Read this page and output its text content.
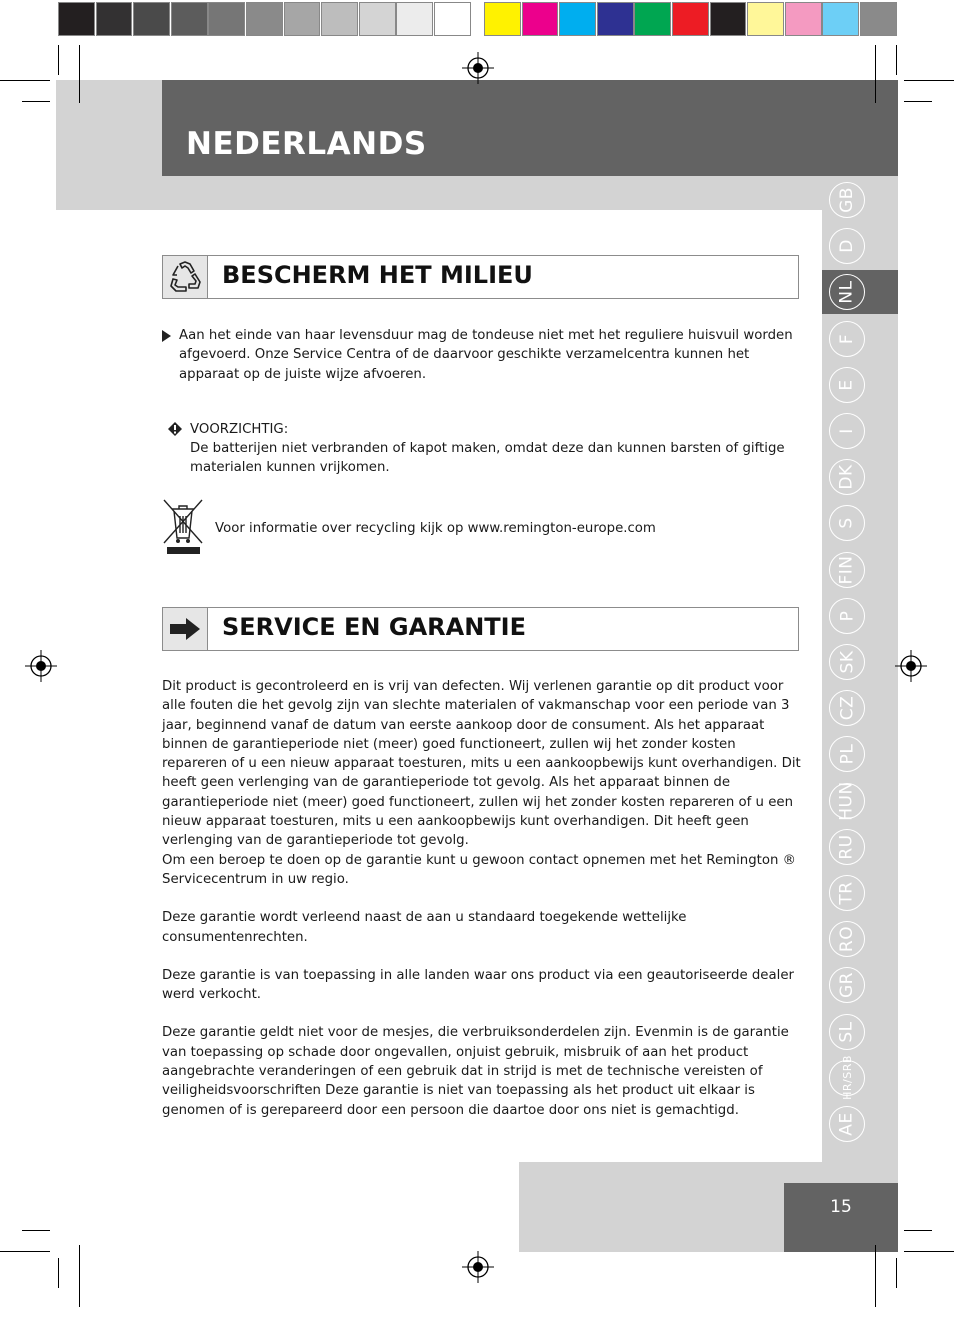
NEDERLANDS
GB
D
NL
F
E
I
DK
S
FIN
P
SK
CZ
PL
HUN
RU
TR
RO
GR
SL
HR/SRB
AE
BESCHERM HET MILIEU
Aan het einde van haar levensduur mag de tondeuse niet met het reguliere huisvuil worden afgevoerd. Onze Service Centra of de daarvoor geschikte verzamelcentra kunnen het apparaat op de juiste wijze afvoeren.
VOORZICHTIG:
De batterijen niet verbranden of kapot maken, omdat deze dan kunnen barsten of giftige materialen kunnen vrijkomen.
Voor informatie over recycling kijk op www.remington-europe.com
SERVICE EN GARANTIE

Dit product is gecontroleerd en is vrij van defecten. Wij verlenen garantie op dit product voor alle fouten die het gevolg zijn van slechte materialen of vakmanschap voor een periode van 3 jaar, beginnend vanaf de datum van eerste aankoop door de consument. Als het apparaat binnen de garantieperiode niet (meer) goed functioneert, zullen wij het zonder kosten repareren of u een nieuw apparaat toesturen, mits u een aankoopbewijs kunt overhandigen. Dit heeft geen verlenging van de garantieperiode tot gevolg. Als het apparaat binnen de garantieperiode niet (meer) goed functioneert, zullen wij het zonder kosten repareren of u een nieuw apparaat toesturen, mits u een aankoopbewijs kunt overhandigen. Dit heeft geen verlenging van de garantieperiode tot gevolg.

Om een beroep te doen op de garantie kunt u gewoon contact opnemen met het Remington ® Servicecentrum in uw regio.

Deze garantie wordt verleend naast de aan u standaard toegekende wettelijke consumentenrechten.

Deze garantie is van toepassing in alle landen waar ons product via een geautoriseerde dealer werd verkocht.

Deze garantie geldt niet voor de mesjes, die verbruiksonderdelen zijn. Evenmin is de garantie van toepassing op schade door ongevallen, onjuist gebruik, misbruik of aan het product aangebrachte veranderingen of een gebruik dat in strijd is met de technische vereisten of veiligheidsvoorschriften Deze garantie is niet van toepassing als het product uit elkaar is genomen of is gerepareerd door een persoon die daartoe door ons niet is gemachtigd.

15
